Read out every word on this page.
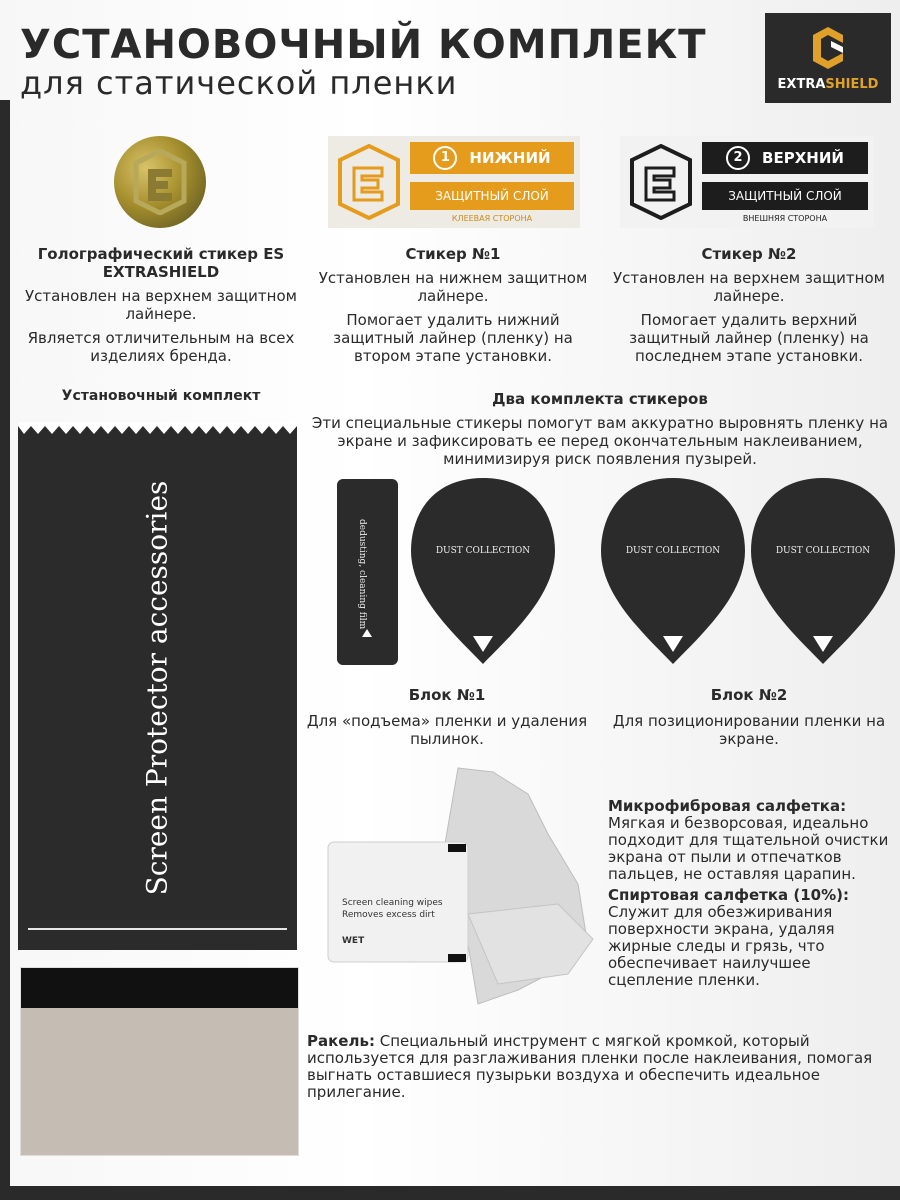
УСТАНОВОЧНЫЙ КОМПЛЕКТ
для статической пленки	EXTRASHIELD
1	НИЖНИЙ
ЗАЩИТНЫЙ СЛОЙ
КЛЕЕВАЯ СТОРОНА
2	ВЕРХНИЙ
ЗАЩИТНЫЙ СЛОЙ
ВНЕШНЯЯ СТОРОНА
Голографический стикер ES EXTRASHIELD

Установлен на верхнем защитном лайнере.

Является отличительным на всех изделиях бренда.

Стикер №1

Установлен на нижнем защитном лайнере.

Помогает удалить нижний защитный лайнер (пленку) на втором этапе установки.

Стикер №2

Установлен на верхнем защитном лайнере.

Помогает удалить верхний защитный лайнер (пленку) на последнем этапе установки.

Установочный комплект
Screen Protector accessories
Два комплекта стикеров

Эти специальные стикеры помогут вам аккуратно выровнять пленку на экране и зафиксировать ее перед окончательным наклеиванием, минимизируя риск появления пузырей.

dedusting, cleaning film	DUST COLLECTION	DUST COLLECTION	DUST COLLECTION
Блок №1

Для «подъема» пленки и удаления пылинок.

Блок №2

Для позиционировании пленки на экране.

Screen cleaning wipes
Removes excess dirt
WET
Микрофибровая салфетка:
Мягкая и безворсовая, идеально подходит для тщательной очистки экрана от пыли и отпечатков пальцев, не оставляя царапин.
Спиртовая салфетка (10%):
Служит для обезжиривания поверхности экрана, удаляя жирные следы и грязь, что обеспечивает наилучшее сцепление пленки.
Ракель: Специальный инструмент с мягкой кромкой, который используется для разглаживания пленки после наклеивания, помогая выгнать оставшиеся пузырьки воздуха и обеспечить идеальное прилегание.
